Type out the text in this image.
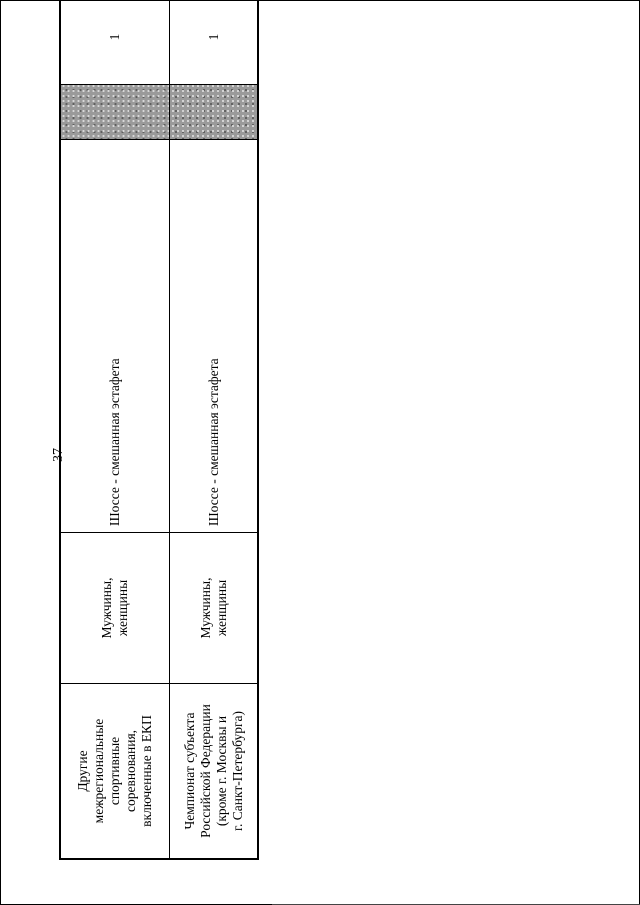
37
Другие межрегиональные спортивные соревнования, включенные в ЕКП	Мужчины, женщины	Шоссе - смешанная эстафета		1

Чемпионат субъекта Российской Федерации (кроме г. Москвы и г. Санкт-Петербурга)	Мужчины, женщины	Шоссе - смешанная эстафета		1
